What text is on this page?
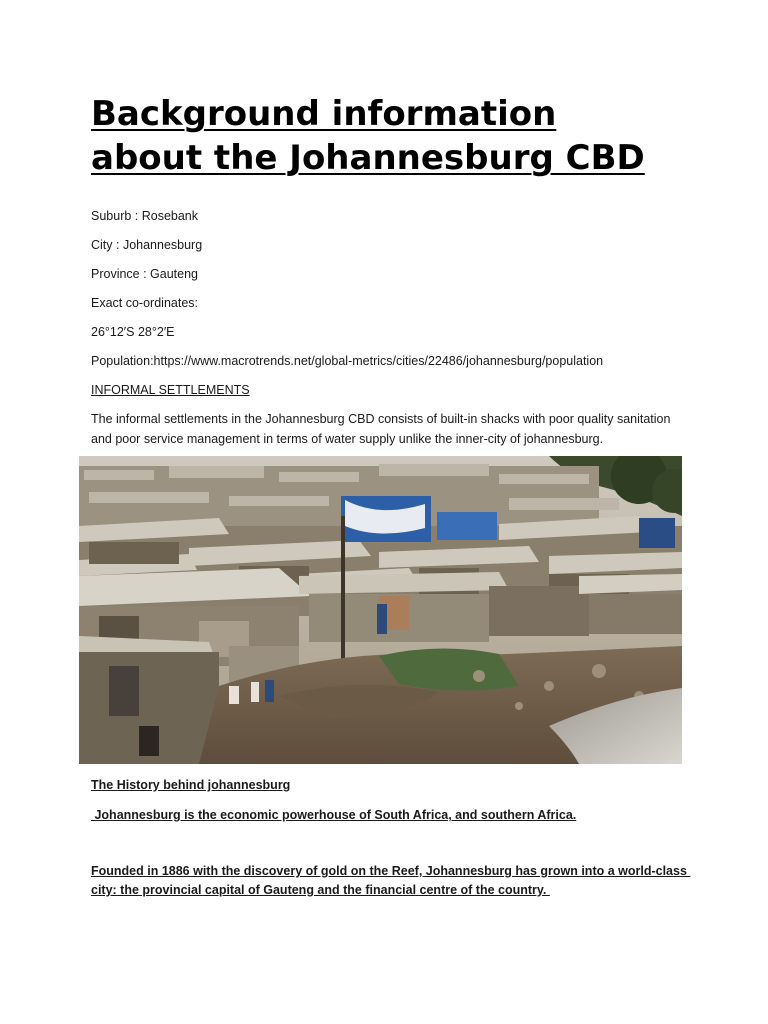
Background information
about the Johannesburg CBD
Suburb : Rosebank
City : Johannesburg
Province : Gauteng
Exact co-ordinates:
26°12′S 28°2′E
Population:https://www.macrotrends.net/global-metrics/cities/22486/johannesburg/population
INFORMAL SETTLEMENTS
The informal settlements in the Johannesburg CBD consists of built-in shacks with poor quality sanitation
and poor service management in terms of water supply unlike the inner-city of johannesburg.
The History behind johannesburg
Johannesburg is the economic powerhouse of South Africa, and southern Africa.
Founded in 1886 with the discovery of gold on the Reef, Johannesburg has grown into a world-class
city: the provincial capital of Gauteng and the financial centre of the country.
